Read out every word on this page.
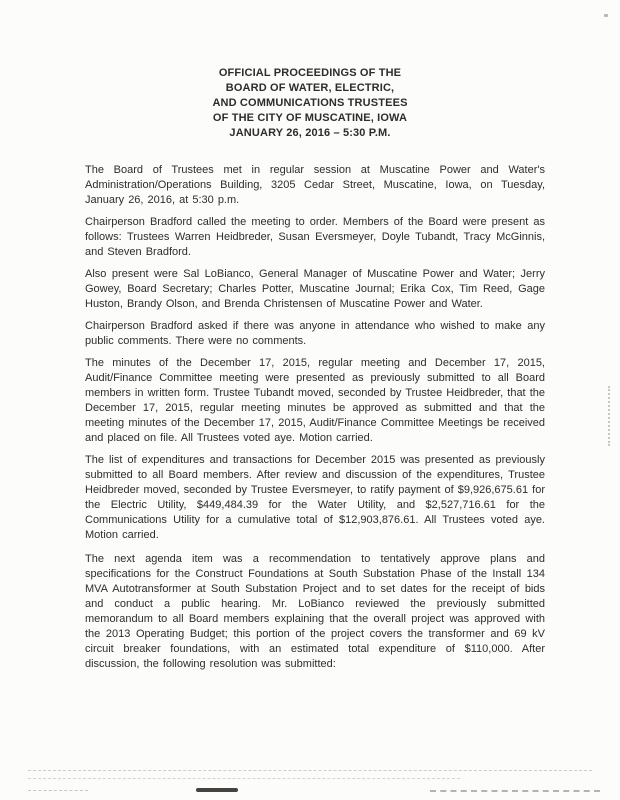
OFFICIAL PROCEEDINGS OF THE
BOARD OF WATER, ELECTRIC,
AND COMMUNICATIONS TRUSTEES
OF THE CITY OF MUSCATINE, IOWA
JANUARY 26, 2016 – 5:30 P.M.

The Board of Trustees met in regular session at Muscatine Power and Water's Administration/Operations Building, 3205 Cedar Street, Muscatine, Iowa, on Tuesday, January 26, 2016, at 5:30 p.m.

Chairperson Bradford called the meeting to order. Members of the Board were present as follows: Trustees Warren Heidbreder, Susan Eversmeyer, Doyle Tubandt, Tracy McGinnis, and Steven Bradford.

Also present were Sal LoBianco, General Manager of Muscatine Power and Water; Jerry Gowey, Board Secretary; Charles Potter, Muscatine Journal; Erika Cox, Tim Reed, Gage Huston, Brandy Olson, and Brenda Christensen of Muscatine Power and Water.

Chairperson Bradford asked if there was anyone in attendance who wished to make any public comments. There were no comments.

The minutes of the December 17, 2015, regular meeting and December 17, 2015, Audit/Finance Committee meeting were presented as previously submitted to all Board members in written form. Trustee Tubandt moved, seconded by Trustee Heidbreder, that the December 17, 2015, regular meeting minutes be approved as submitted and that the meeting minutes of the December 17, 2015, Audit/Finance Committee Meetings be received and placed on file. All Trustees voted aye. Motion carried.

The list of expenditures and transactions for December 2015 was presented as previously submitted to all Board members. After review and discussion of the expenditures, Trustee Heidbreder moved, seconded by Trustee Eversmeyer, to ratify payment of $9,926,675.61 for the Electric Utility, $449,484.39 for the Water Utility, and $2,527,716.61 for the Communications Utility for a cumulative total of $12,903,876.61. All Trustees voted aye. Motion carried.

The next agenda item was a recommendation to tentatively approve plans and specifications for the Construct Foundations at South Substation Phase of the Install 134 MVA Autotransformer at South Substation Project and to set dates for the receipt of bids and conduct a public hearing. Mr. LoBianco reviewed the previously submitted memorandum to all Board members explaining that the overall project was approved with the 2013 Operating Budget; this portion of the project covers the transformer and 69 kV circuit breaker foundations, with an estimated total expenditure of $110,000. After discussion, the following resolution was submitted:
